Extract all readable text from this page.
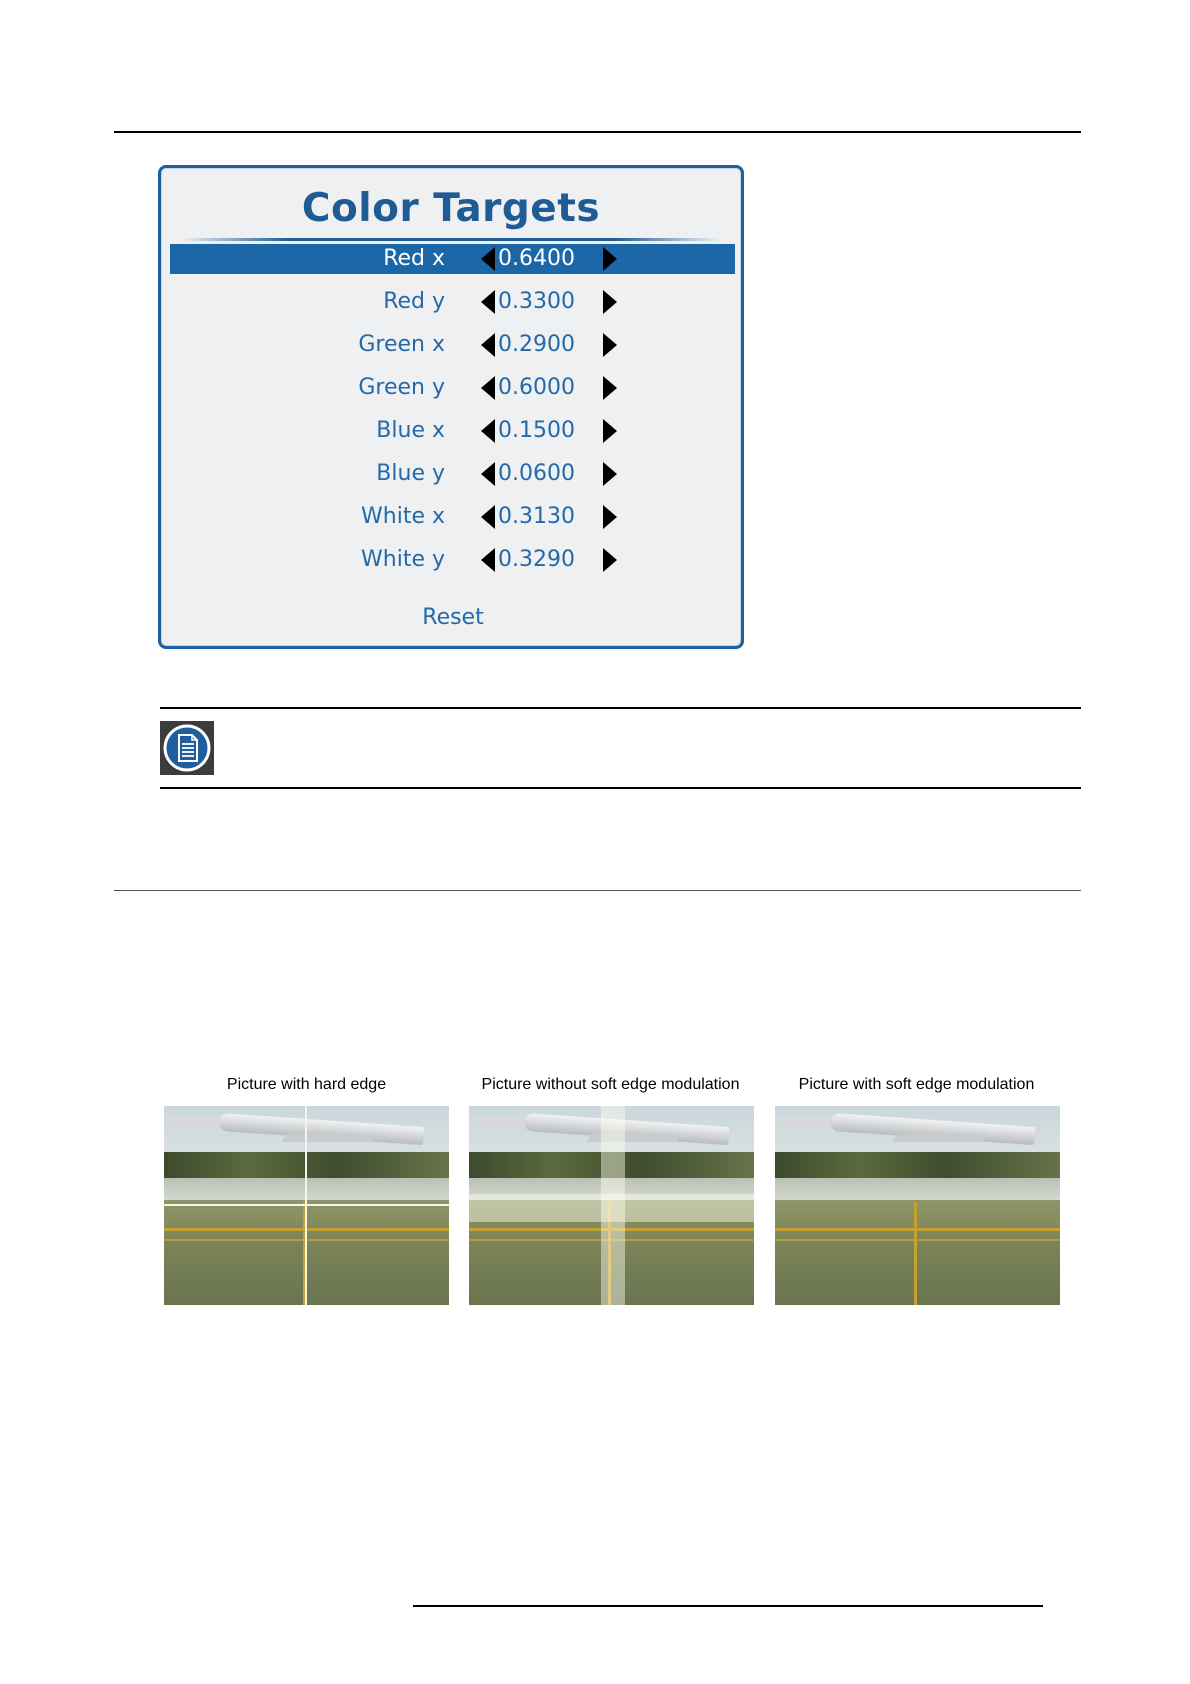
Color Targets
Red x 0.6400
Red y 0.3300
Green x 0.2900
Green y 0.6000
Blue x 0.1500
Blue y 0.0600
White x 0.3130
White y 0.3290
Reset
Picture with hard edge	Picture without soft edge modulation	Picture with soft edge modulation
